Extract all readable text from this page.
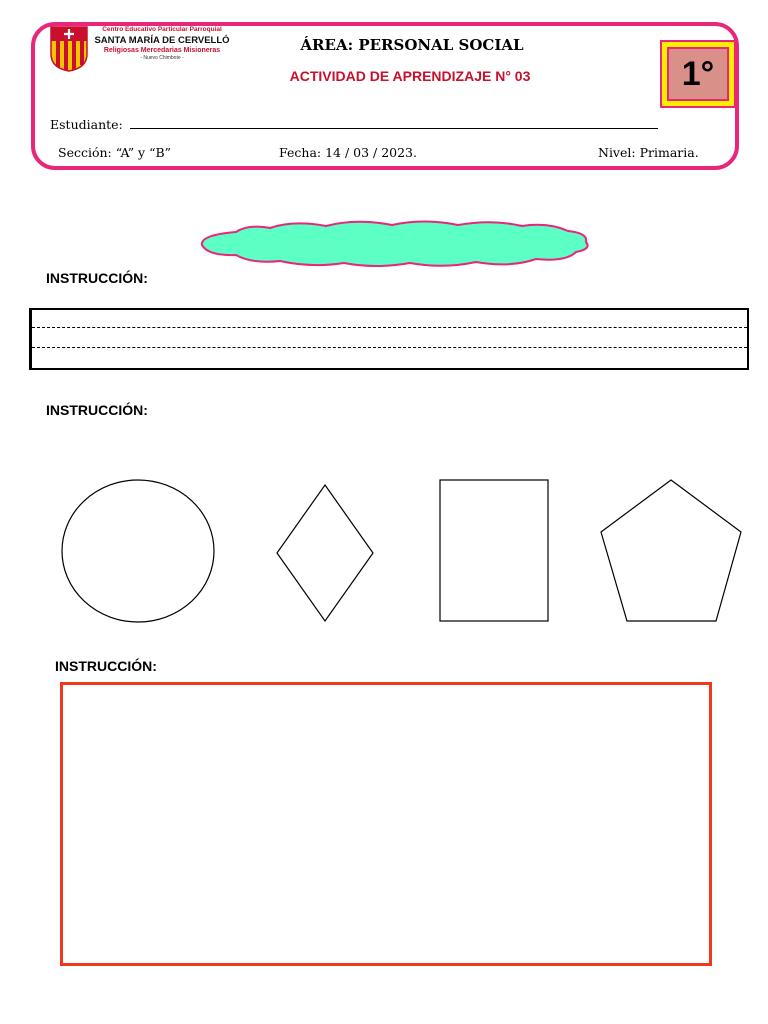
Centro Educativo Particular Parroquial
SANTA MARÍA DE CERVELLÓ
Religiosas Mercedarias Misioneras
- Nuevo Chimbote -
ÁREA: PERSONAL SOCIAL
ACTIVIDAD DE APRENDIZAJE N° 03	1°
Estudiante:
Sección: “A” y “B”	Fecha: 14 / 03 / 2023.	Nivel: Primaria.
INSTRUCCIÓN:
INSTRUCCIÓN:
INSTRUCCIÓN:
